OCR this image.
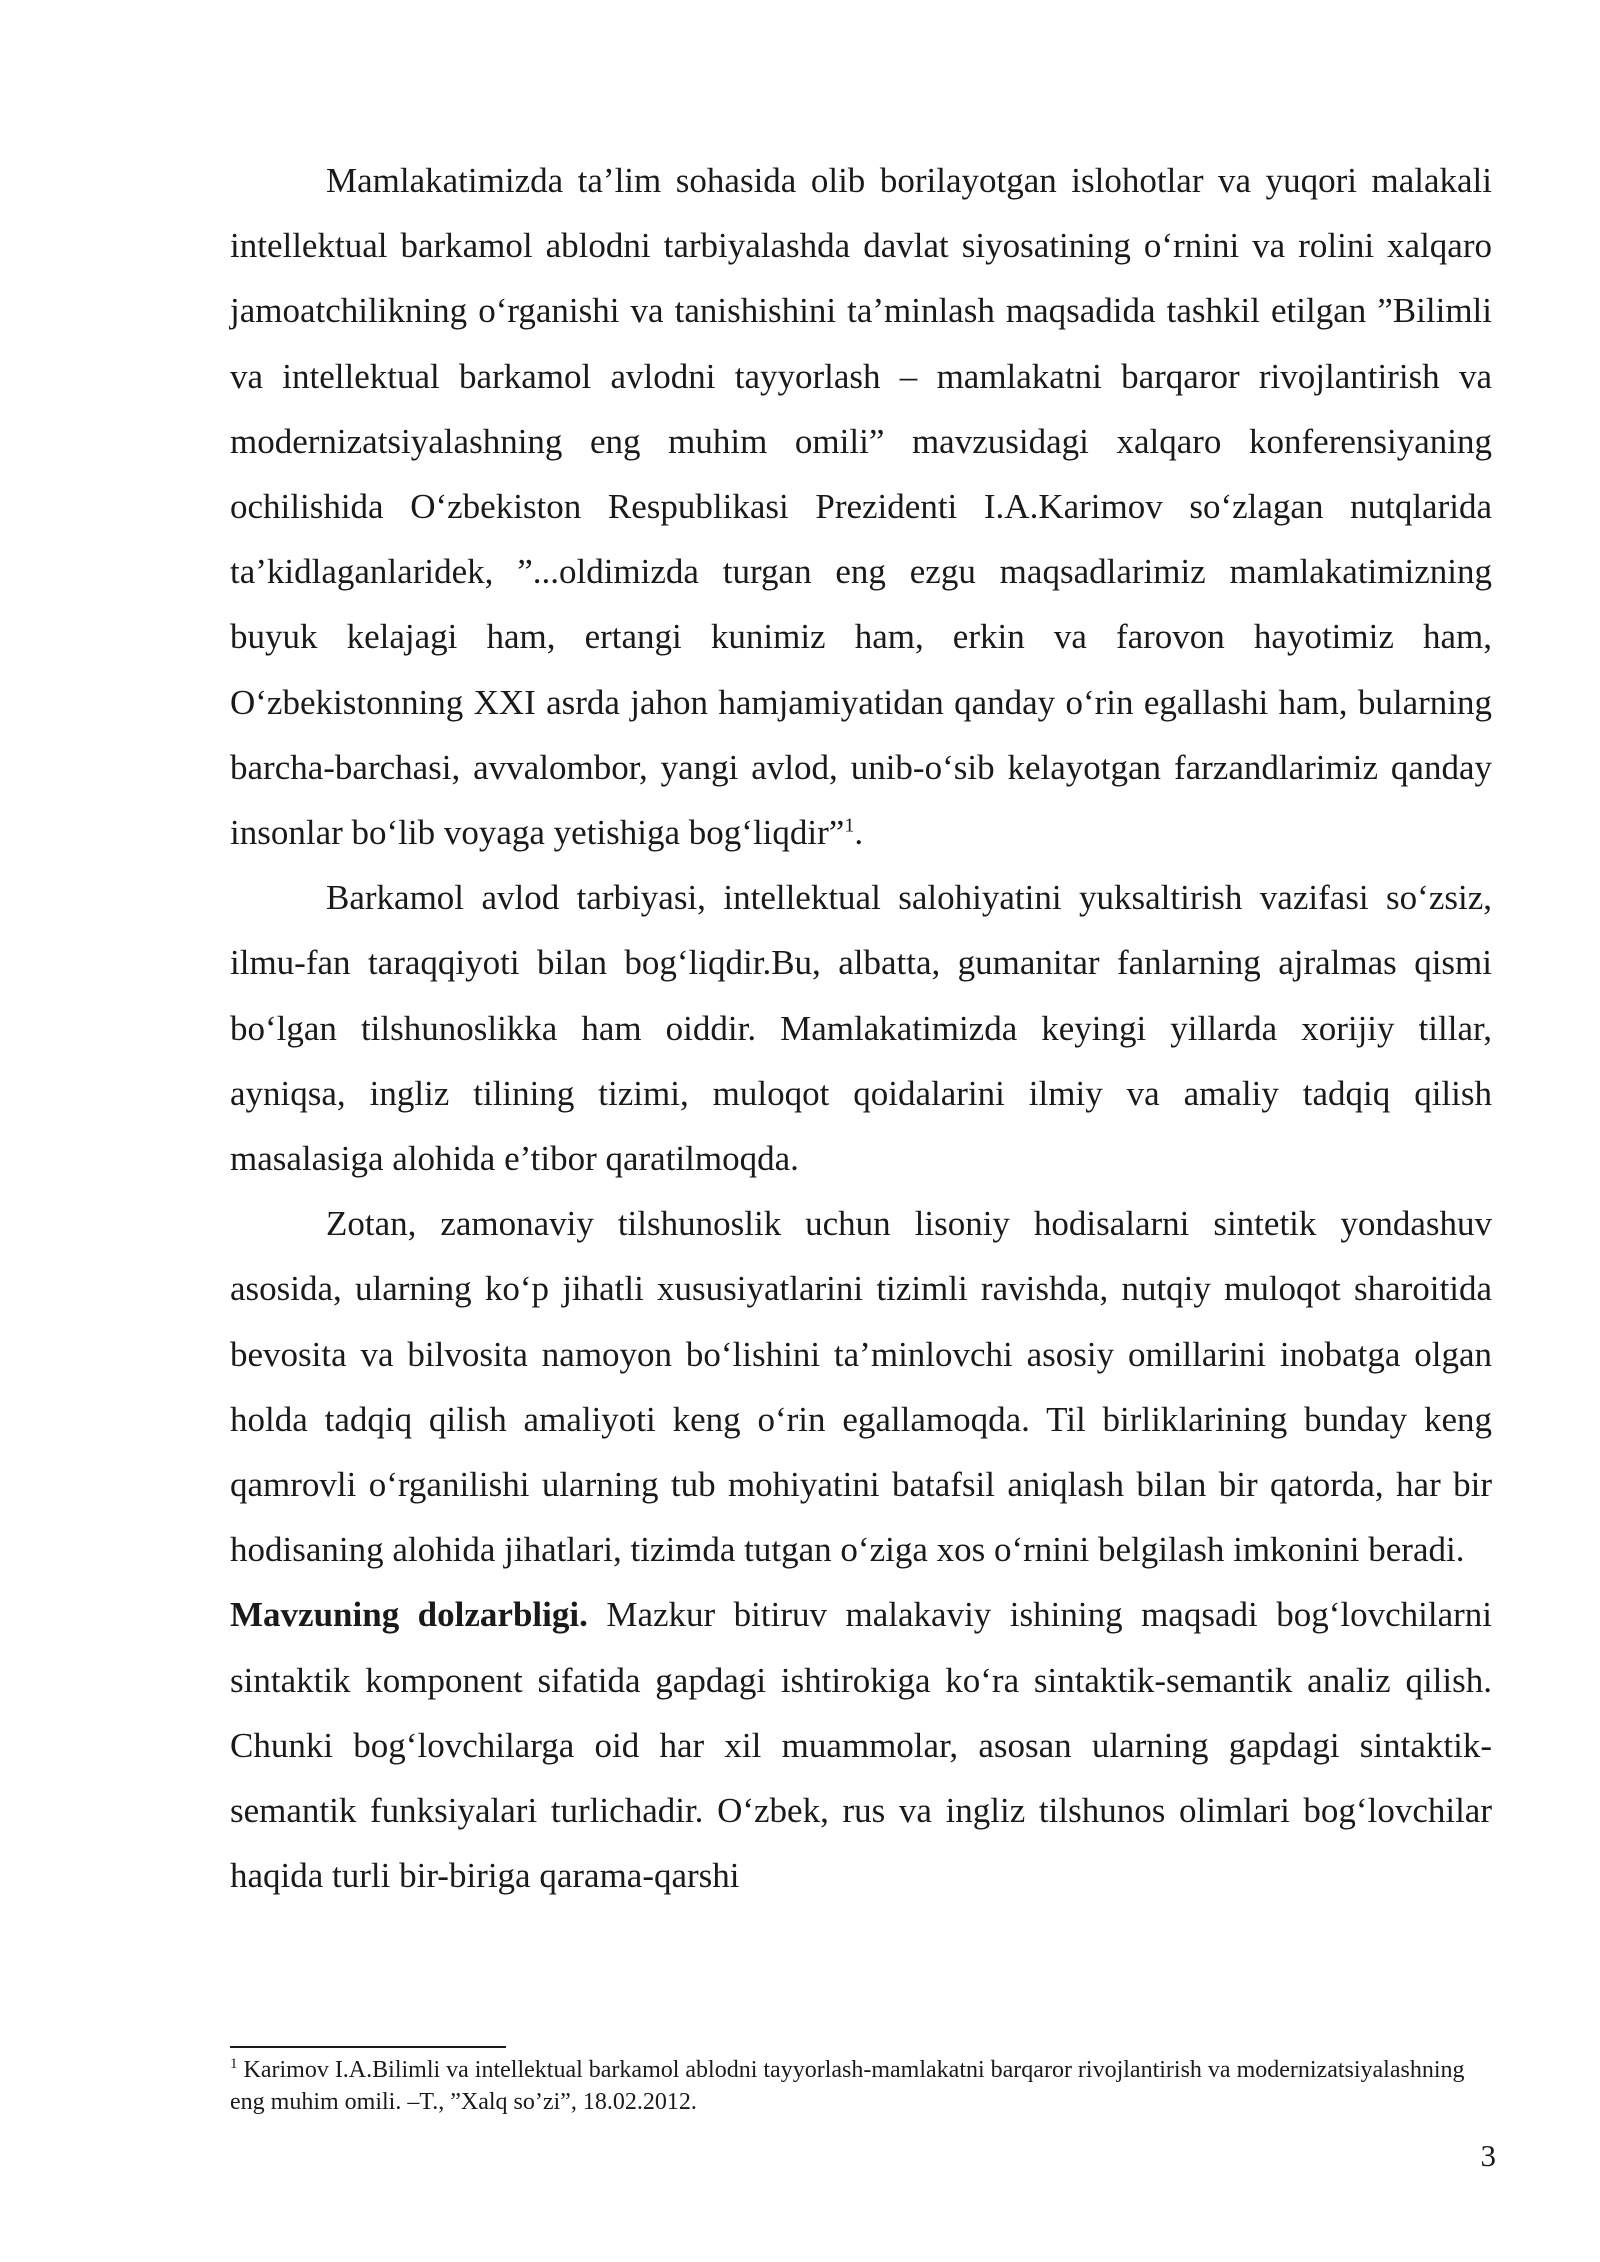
Mamlakatimizda ta’lim sohasida olib borilayotgan islohotlar va yuqori malakali intellektual barkamol ablodni tarbiyalashda davlat siyosatining o‘rnini va rolini xalqaro jamoatchilikning o‘rganishi va tanishishini ta’minlash maqsadida tashkil etilgan ”Bilimli va intellektual barkamol avlodni tayyorlash – mamlakatni barqaror rivojlantirish va modernizatsiyalashning eng muhim omili” mavzusidagi xalqaro konferensiyaning ochilishida O‘zbekiston Respublikasi Prezidenti I.A.Karimov so‘zlagan nutqlarida ta’kidlaganlaridek, ”...oldimizda turgan eng ezgu maqsadlarimiz mamlakatimizning buyuk kelajagi ham, ertangi kunimiz ham, erkin va farovon hayotimiz ham, O‘zbekistonning XXI asrda jahon hamjamiyatidan qanday o‘rin egallashi ham, bularning barcha-barchasi, avvalombor, yangi avlod, unib-o‘sib kelayotgan farzandlarimiz qanday insonlar bo‘lib voyaga yetishiga bog‘liqdir”$^1$.

Barkamol avlod tarbiyasi, intellektual salohiyatini yuksaltirish vazifasi so‘zsiz, ilmu-fan taraqqiyoti bilan bog‘liqdir.Bu, albatta, gumanitar fanlarning ajralmas qismi bo‘lgan tilshunoslikka ham oiddir. Mamlakatimizda keyingi yillarda xorijiy tillar, ayniqsa, ingliz tilining tizimi, muloqot qoidalarini ilmiy va amaliy tadqiq qilish masalasiga alohida e’tibor qaratilmoqda.

Zotan, zamonaviy tilshunoslik uchun lisoniy hodisalarni sintetik yondashuv asosida, ularning ko‘p jihatli xususiyatlarini tizimli ravishda, nutqiy muloqot sharoitida bevosita va bilvosita namoyon bo‘lishini ta’minlovchi asosiy omillarini inobatga olgan holda tadqiq qilish amaliyoti keng o‘rin egallamoqda. Til birliklarining bunday keng qamrovli o‘rganilishi ularning tub mohiyatini batafsil aniqlash bilan bir qatorda, har bir hodisaning alohida jihatlari, tizimda tutgan o‘ziga xos o‘rnini belgilash imkonini beradi.

Mavzuning dolzarbligi. Mazkur bitiruv malakaviy ishining maqsadi bog‘lovchilarni sintaktik komponent sifatida gapdagi ishtirokiga ko‘ra sintaktik-semantik analiz qilish. Chunki bog‘lovchilarga oid har xil muammolar, asosan ularning gapdagi sintaktik-semantik funksiyalari turlichadir. O‘zbek, rus va ingliz tilshunos olimlari bog‘lovchilar haqida turli bir-biriga qarama-qarshi

$^1$ Karimov I.A.Bilimli va intellektual barkamol ablodni tayyorlash-mamlakatni barqaror rivojlantirish va modernizatsiyalashning eng muhim omili. –T., ”Xalq so’zi”, 18.02.2012.
3
